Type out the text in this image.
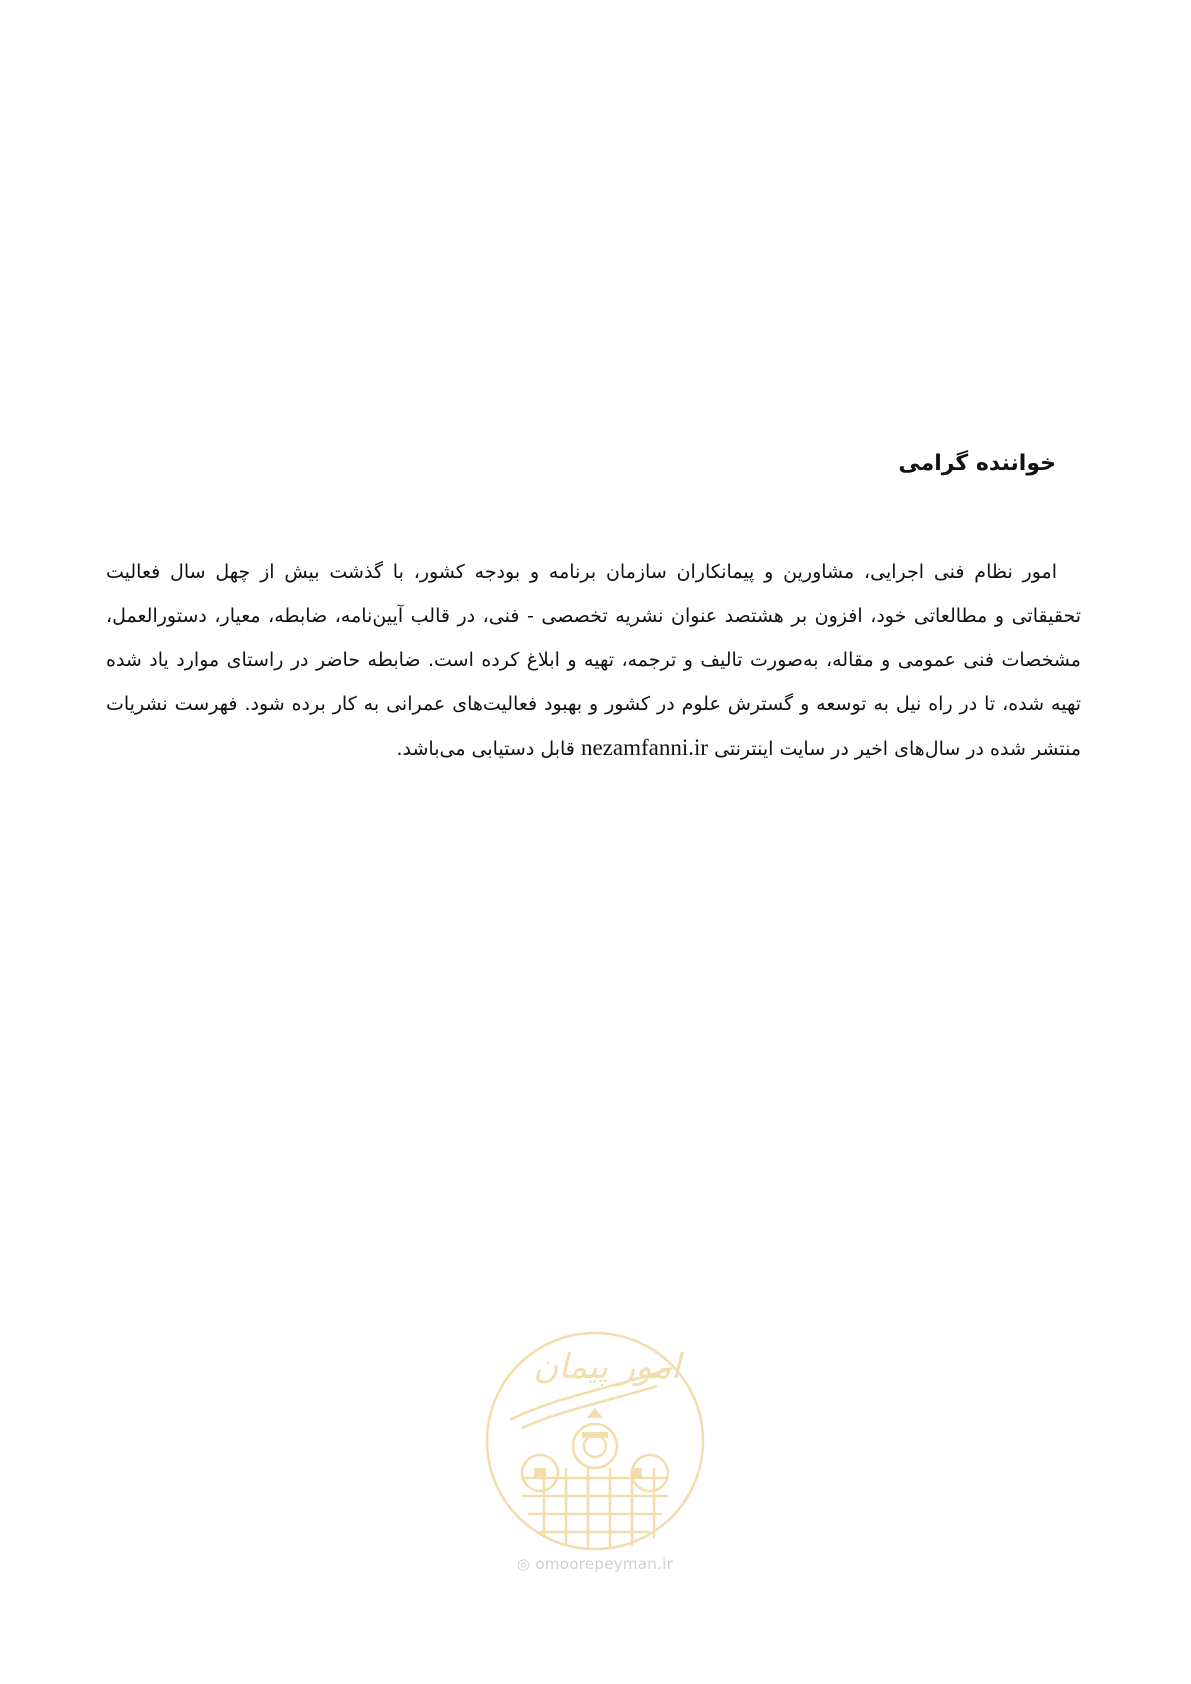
خواننده گرامی
امور نظام فنی اجرایی، مشاورین و پیمانکاران سازمان برنامه و بودجه کشور، با گذشت بیش از چهل سال فعالیت تحقیقاتی و مطالعاتی خود، افزون بر هشتصد عنوان نشریه تخصصی - فنی، در قالب آیین‌نامه، ضابطه، معیار، دستورالعمل، مشخصات فنی عمومی و مقاله، به‌صورت تالیف و ترجمه، تهیه و ابلاغ کرده است. ضابطه حاضر در راستای موارد یاد شده تهیه شده، تا در راه نیل به توسعه و گسترش علوم در کشور و بهبود فعالیت‌های عمرانی به کار برده شود. فهرست نشریات منتشر شده در سال‌های اخیر در سایت اینترنتی nezamfanni.ir قابل دستیابی می‌باشد.
امور پیمان
◎ omoorepeyman.ir
